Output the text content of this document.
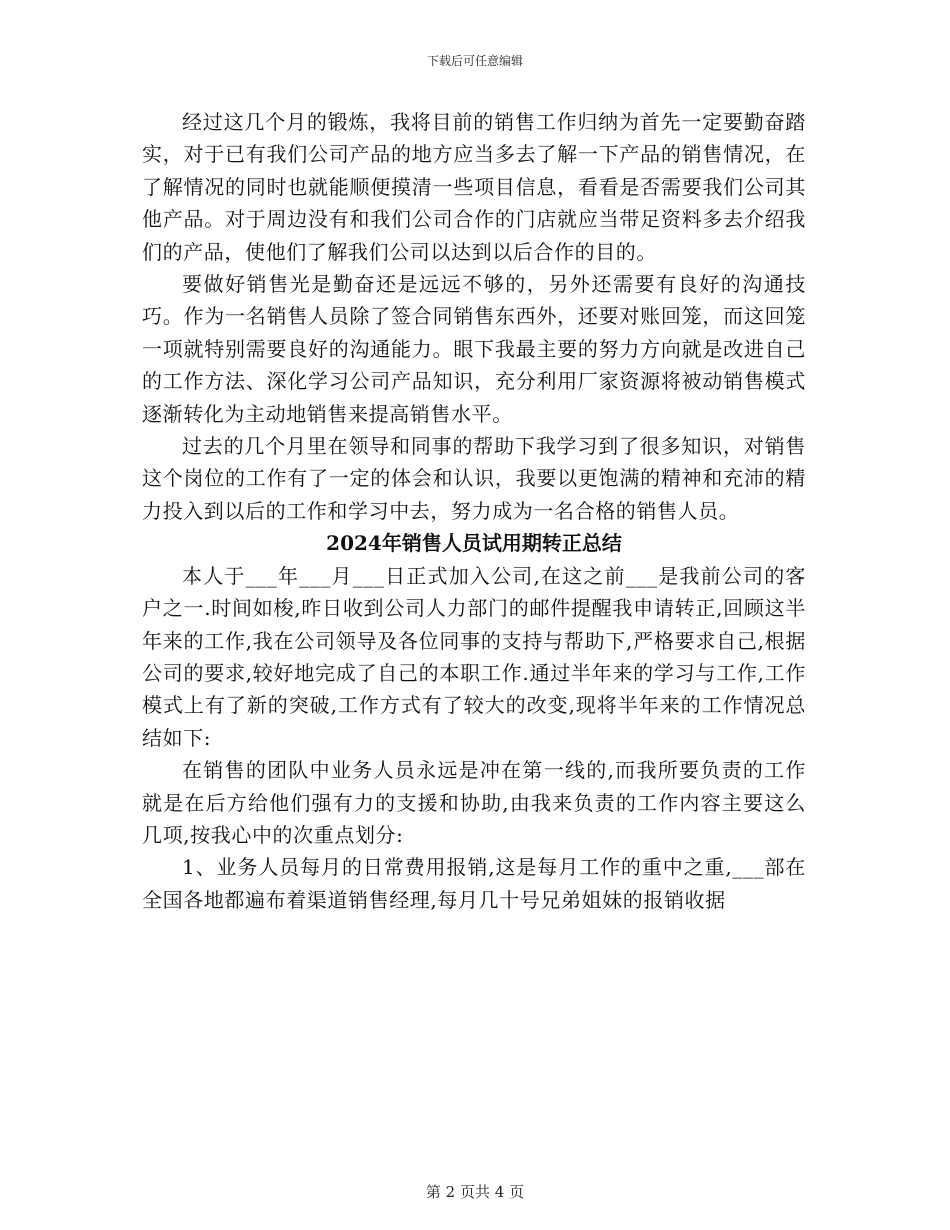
下载后可任意编辑

经过这几个月的锻炼，我将目前的销售工作归纳为首先一定要勤奋踏实，对于已有我们公司产品的地方应当多去了解一下产品的销售情况，在了解情况的同时也就能顺便摸清一些项目信息，看看是否需要我们公司其他产品。对于周边没有和我们公司合作的门店就应当带足资料多去介绍我们的产品，使他们了解我们公司以达到以后合作的目的。

要做好销售光是勤奋还是远远不够的，另外还需要有良好的沟通技巧。作为一名销售人员除了签合同销售东西外，还要对账回笼，而这回笼一项就特别需要良好的沟通能力。眼下我最主要的努力方向就是改进自己的工作方法、深化学习公司产品知识，充分利用厂家资源将被动销售模式逐渐转化为主动地销售来提高销售水平。

过去的几个月里在领导和同事的帮助下我学习到了很多知识，对销售这个岗位的工作有了一定的体会和认识，我要以更饱满的精神和充沛的精力投入到以后的工作和学习中去，努力成为一名合格的销售人员。

2024年销售人员试用期转正总结

本人于___年___月___日正式加入公司,在这之前___是我前公司的客户之一.时间如梭,昨日收到公司人力部门的邮件提醒我申请转正,回顾这半年来的工作,我在公司领导及各位同事的支持与帮助下,严格要求自己,根据公司的要求,较好地完成了自己的本职工作.通过半年来的学习与工作,工作模式上有了新的突破,工作方式有了较大的改变,现将半年来的工作情况总结如下:

在销售的团队中业务人员永远是冲在第一线的,而我所要负责的工作就是在后方给他们强有力的支援和协助,由我来负责的工作内容主要这么几项,按我心中的次重点划分:

1、业务人员每月的日常费用报销,这是每月工作的重中之重,___部在全国各地都遍布着渠道销售经理,每月几十号兄弟姐妹的报销收据

第 2 页共 4 页
